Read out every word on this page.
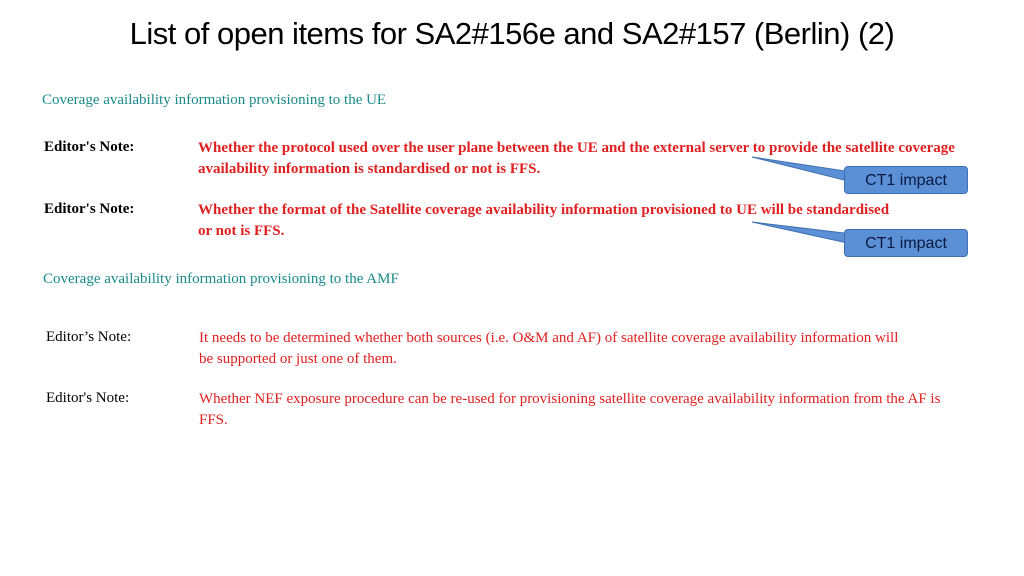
List of open items for SA2#156e and SA2#157 (Berlin) (2)
Coverage availability information provisioning to the UE
Editor's Note:	Whether the protocol used over the user plane between the UE and the external server to provide the satellite coverage availability information is standardised or not is FFS.
Editor's Note:	Whether the format of the Satellite coverage availability information provisioned to UE will be standardised or not is FFS.
Coverage availability information provisioning to the AMF
Editor’s Note:	It needs to be determined whether both sources (i.e. O&M and AF) of satellite coverage availability information will be supported or just one of them.
Editor's Note:	Whether NEF exposure procedure can be re-used for provisioning satellite coverage availability information from the AF is FFS.
CT1 impact
CT1 impact
